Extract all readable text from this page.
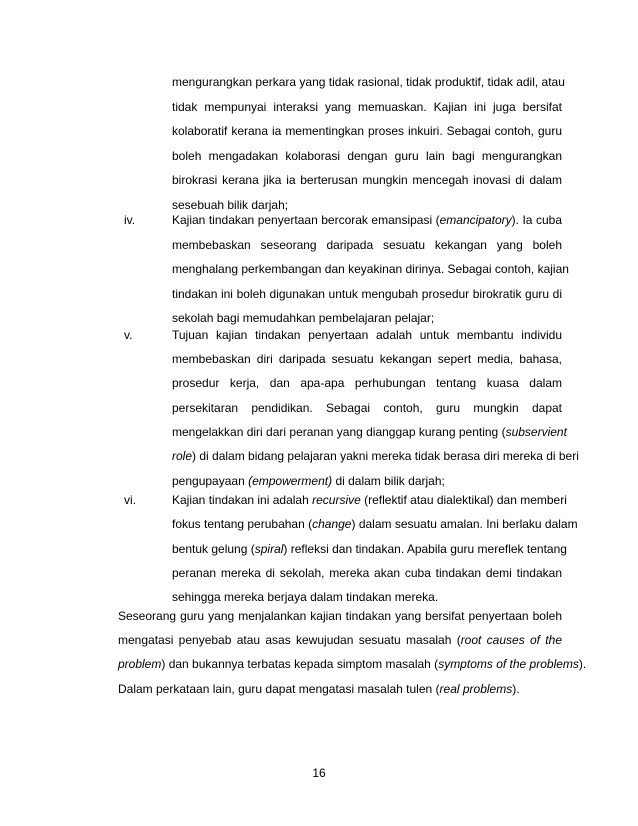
mengurangkan perkara yang tidak rasional, tidak produktif, tidak adil, atau
tidak mempunyai interaksi yang memuaskan. Kajian ini juga bersifat
kolaboratif kerana ia mementingkan proses inkuiri. Sebagai contoh, guru
boleh mengadakan kolaborasi dengan guru lain bagi mengurangkan
birokrasi kerana jika ia berterusan mungkin mencegah inovasi di dalam
sesebuah bilik darjah;
iv.	Kajian tindakan penyertaan bercorak emansipasi (emancipatory). Ia cuba
membebaskan seseorang daripada sesuatu kekangan yang boleh
menghalang perkembangan dan keyakinan dirinya. Sebagai contoh, kajian
tindakan ini boleh digunakan untuk mengubah prosedur birokratik guru di
sekolah bagi memudahkan pembelajaran pelajar;
v.	Tujuan kajian tindakan penyertaan adalah untuk membantu individu
membebaskan diri daripada sesuatu kekangan sepert media, bahasa,
prosedur kerja, dan apa-apa perhubungan tentang kuasa dalam
persekitaran pendidikan. Sebagai contoh, guru mungkin dapat
mengelakkan diri dari peranan yang dianggap kurang penting (subservient
role) di dalam bidang pelajaran yakni mereka tidak berasa diri mereka di beri
pengupayaan (empowerment) di dalam bilik darjah;
vi.	Kajian tindakan ini adalah recursive (reflektif atau dialektikal) dan memberi
fokus tentang perubahan (change) dalam sesuatu amalan. Ini berlaku dalam
bentuk gelung (spiral) refleksi dan tindakan. Apabila guru mereflek tentang
peranan mereka di sekolah, mereka akan cuba tindakan demi tindakan
sehingga mereka berjaya dalam tindakan mereka.
Seseorang guru yang menjalankan kajian tindakan yang bersifat penyertaan boleh
mengatasi penyebab atau asas kewujudan sesuatu masalah (root causes of the
problem) dan bukannya terbatas kepada simptom masalah (symptoms of the problems).
Dalam perkataan lain, guru dapat mengatasi masalah tulen (real problems).
16
